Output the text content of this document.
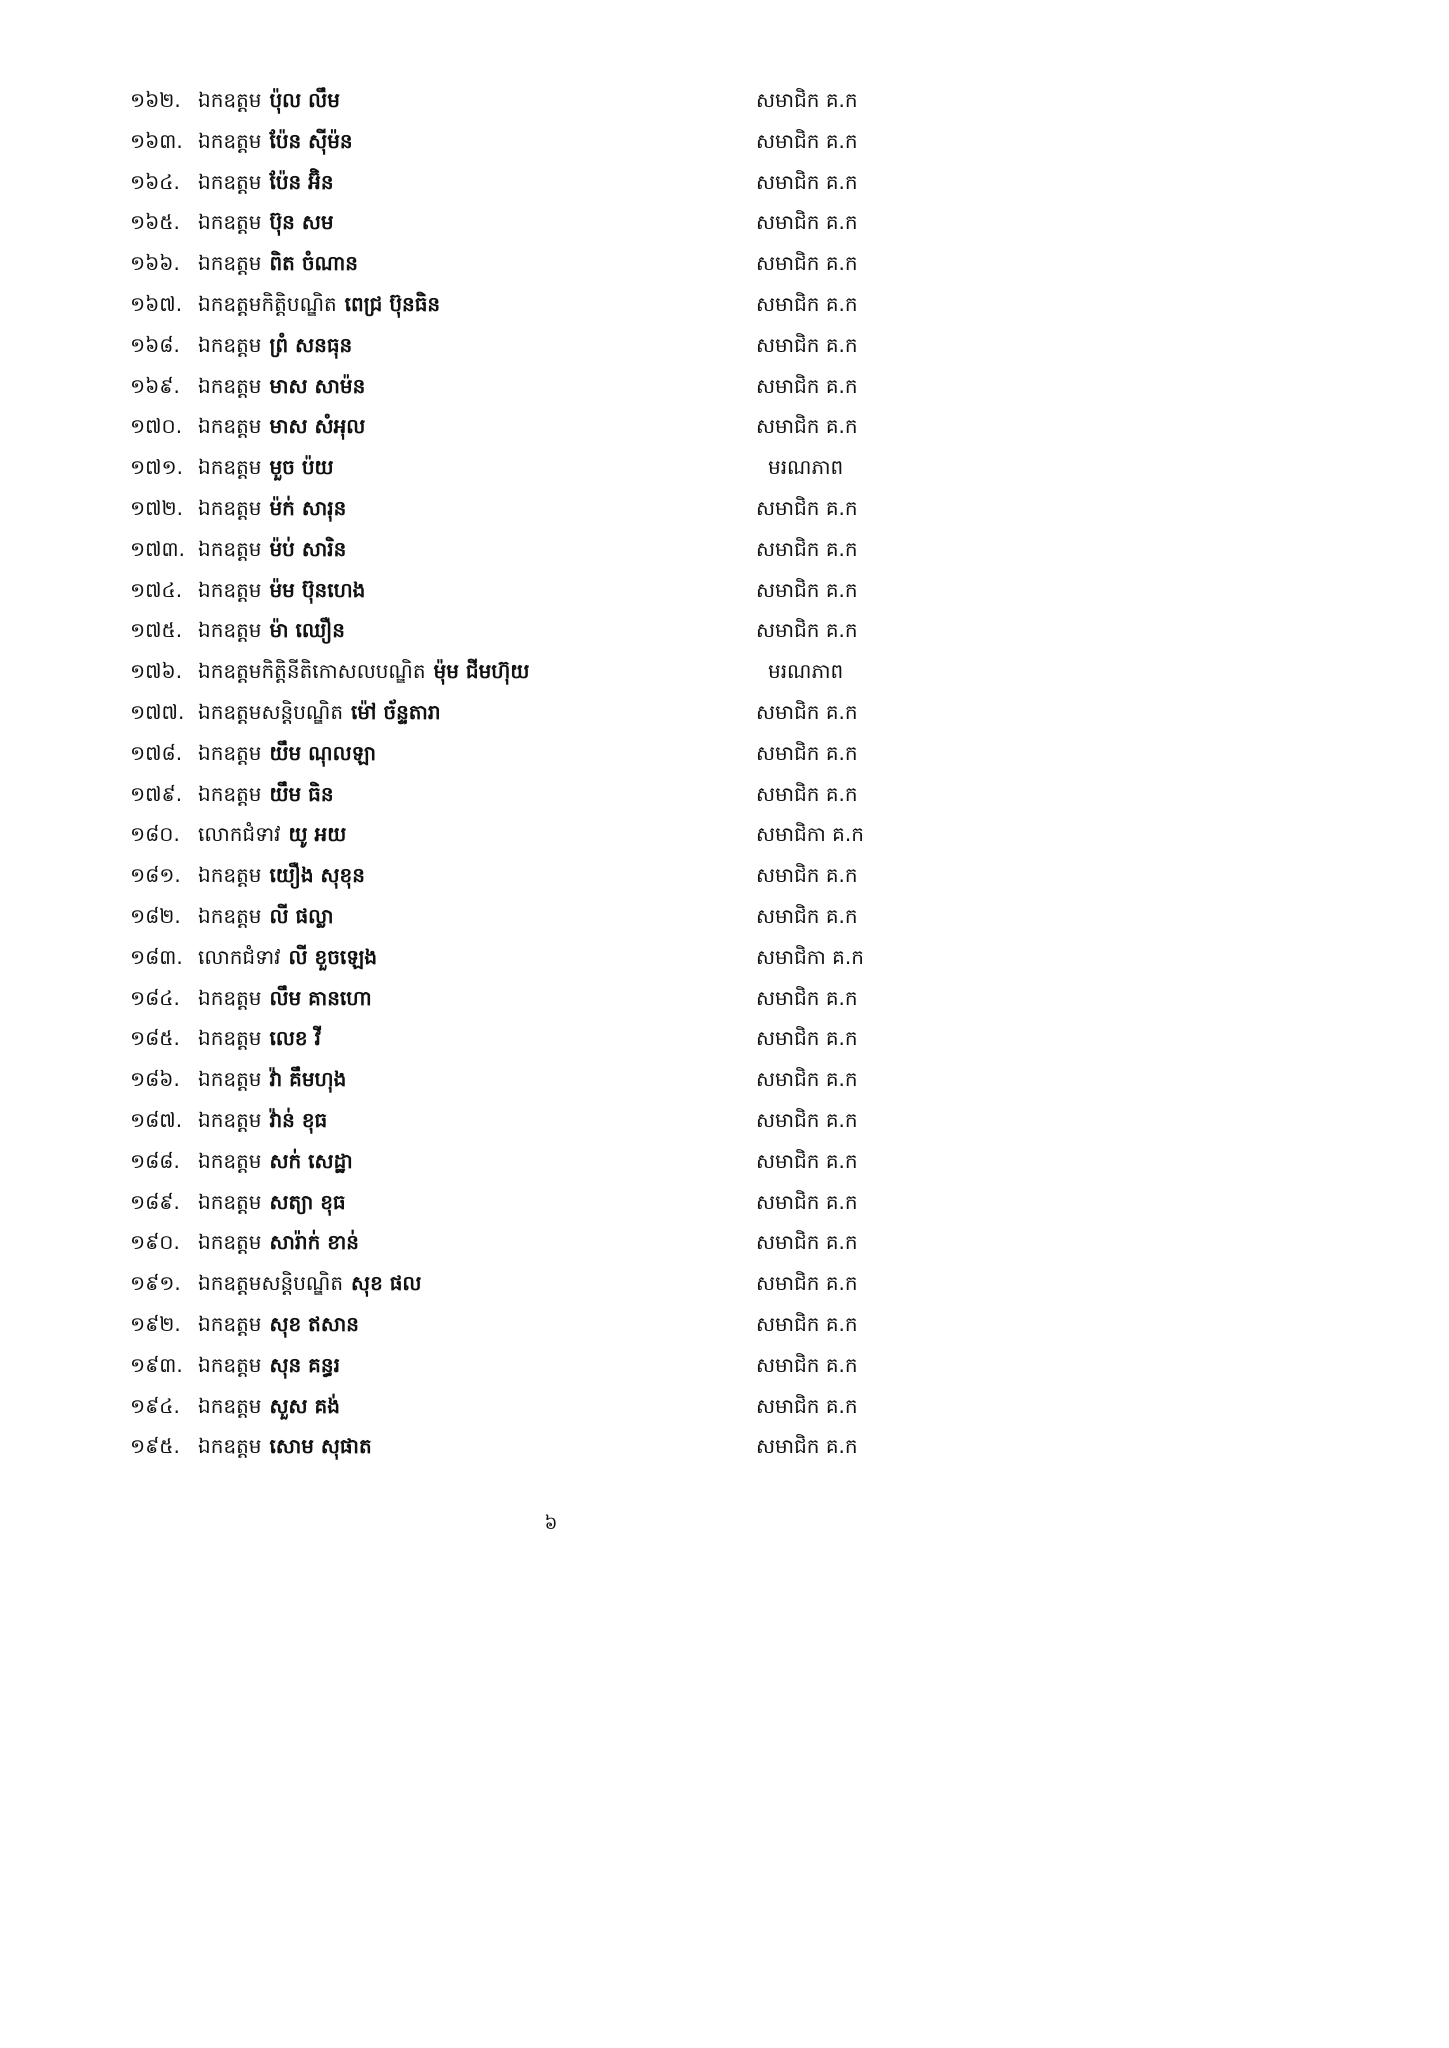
១៦២. ឯកឧត្តម ប៉ុល លឹម	សមាជិក គ.ក
១៦៣. ឯកឧត្តម ប៉ែន ស៊ីម៉ន	សមាជិក គ.ក
១៦៤. ឯកឧត្តម ប៉ែន អ៊ិន	សមាជិក គ.ក
១៦៥. ឯកឧត្តម ប៊ុន សម	សមាជិក គ.ក
១៦៦. ឯកឧត្តម ពិត ចំណាន	សមាជិក គ.ក
១៦៧. ឯកឧត្តមកិត្តិបណ្ឌិត ពេជ្រ ប៊ុនធិន	សមាជិក គ.ក
១៦៨. ឯកឧត្តម ព្រំ សនធុន	សមាជិក គ.ក
១៦៩. ឯកឧត្តម មាស សាម៉ន	សមាជិក គ.ក
១៧០. ឯកឧត្តម មាស សំអុល	សមាជិក គ.ក
១៧១. ឯកឧត្តម មួច ប៉យ	មរណភាព
១៧២. ឯកឧត្តម ម៉ក់ សារុន	សមាជិក គ.ក
១៧៣. ឯកឧត្តម ម៉ប់ សារិន	សមាជិក គ.ក
១៧៤. ឯកឧត្តម ម៉ម ប៊ុនហេង	សមាជិក គ.ក
១៧៥. ឯកឧត្តម ម៉ា ឈឿន	សមាជិក គ.ក
១៧៦. ឯកឧត្តមកិត្តិនីតិកោសលបណ្ឌិត ម៉ុម ជីមហ៊ុយ	មរណភាព
១៧៧. ឯកឧត្តមសន្តិបណ្ឌិត ម៉ៅ ច័ន្ទតារា	សមាជិក គ.ក
១៧៨. ឯកឧត្តម យឹម ណុលឡា	សមាជិក គ.ក
១៧៩. ឯកឧត្តម យឹម ធិន	សមាជិក គ.ក
១៨០. លោកជំទាវ យូ អយ	សមាជិកា គ.ក
១៨១. ឯកឧត្តម យឿង សុខុន	សមាជិក គ.ក
១៨២. ឯកឧត្តម លី ផល្លា	សមាជិក គ.ក
១៨៣. លោកជំទាវ លី ខួចឡេង	សមាជិកា គ.ក
១៨៤. ឯកឧត្តម លឹម គានហោ	សមាជិក គ.ក
១៨៥. ឯកឧត្តម លេខ វី	សមាជិក គ.ក
១៨៦. ឯកឧត្តម វ៉ា គឹមហុង	សមាជិក គ.ក
១៨៧. ឯកឧត្តម វ៉ាន់ ខុធ	សមាជិក គ.ក
១៨៨. ឯកឧត្តម សក់ សេដ្ឋា	សមាជិក គ.ក
១៨៩. ឯកឧត្តម សត្យា ខុធ	សមាជិក គ.ក
១៩០. ឯកឧត្តម សារ៉ាក់ ខាន់	សមាជិក គ.ក
១៩១. ឯកឧត្តមសន្តិបណ្ឌិត សុខ ផល	សមាជិក គ.ក
១៩២. ឯកឧត្តម សុខ ឥសាន	សមាជិក គ.ក
១៩៣. ឯកឧត្តម សុន គន្ធរ	សមាជិក គ.ក
១៩៤. ឯកឧត្តម សួស គង់	សមាជិក គ.ក
១៩៥. ឯកឧត្តម សោម សុផាត	សមាជិក គ.ក
៦
